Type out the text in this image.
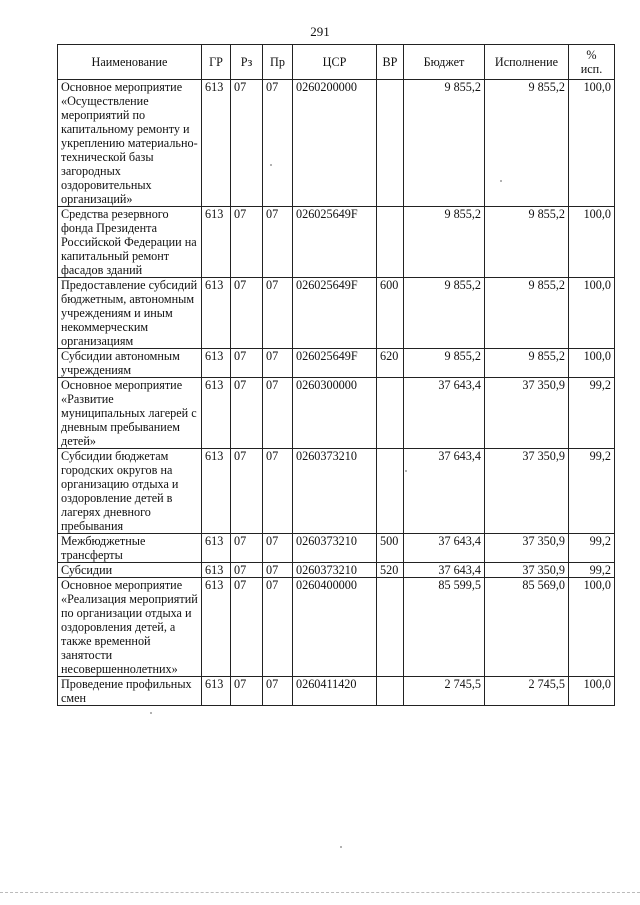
291
Наименование	ГР	Рз	Пр	ЦСР	ВР	Бюджет	Исполнение	%
исп.
Основное мероприятие «Осуществление мероприятий по капитальному ремонту и укреплению материально-технической базы загородных оздоровительных организаций»	613	07	07	0260200000		9 855,2	9 855,2	100,0
Средства резервного фонда Президента Российской Федерации на капитальный ремонт фасадов зданий	613	07	07	026025649F		9 855,2	9 855,2	100,0
Предоставление субсидий бюджетным, автономным учреждениям и иным некоммерческим организациям	613	07	07	026025649F	600	9 855,2	9 855,2	100,0
Субсидии автономным учреждениям	613	07	07	026025649F	620	9 855,2	9 855,2	100,0
Основное мероприятие «Развитие муниципальных лагерей с дневным пребыванием детей»	613	07	07	0260300000		37 643,4	37 350,9	99,2
Субсидии бюджетам городских округов на организацию отдыха и оздоровление детей в лагерях дневного пребывания	613	07	07	0260373210		37 643,4	37 350,9	99,2
Межбюджетные трансферты	613	07	07	0260373210	500	37 643,4	37 350,9	99,2
Субсидии	613	07	07	0260373210	520	37 643,4	37 350,9	99,2
Основное мероприятие «Реализация мероприятий по организации отдыха и оздоровления детей, а также временной занятости несовершеннолетних»	613	07	07	0260400000		85 599,5	85 569,0	100,0
Проведение профильных смен	613	07	07	0260411420		2 745,5	2 745,5	100,0
